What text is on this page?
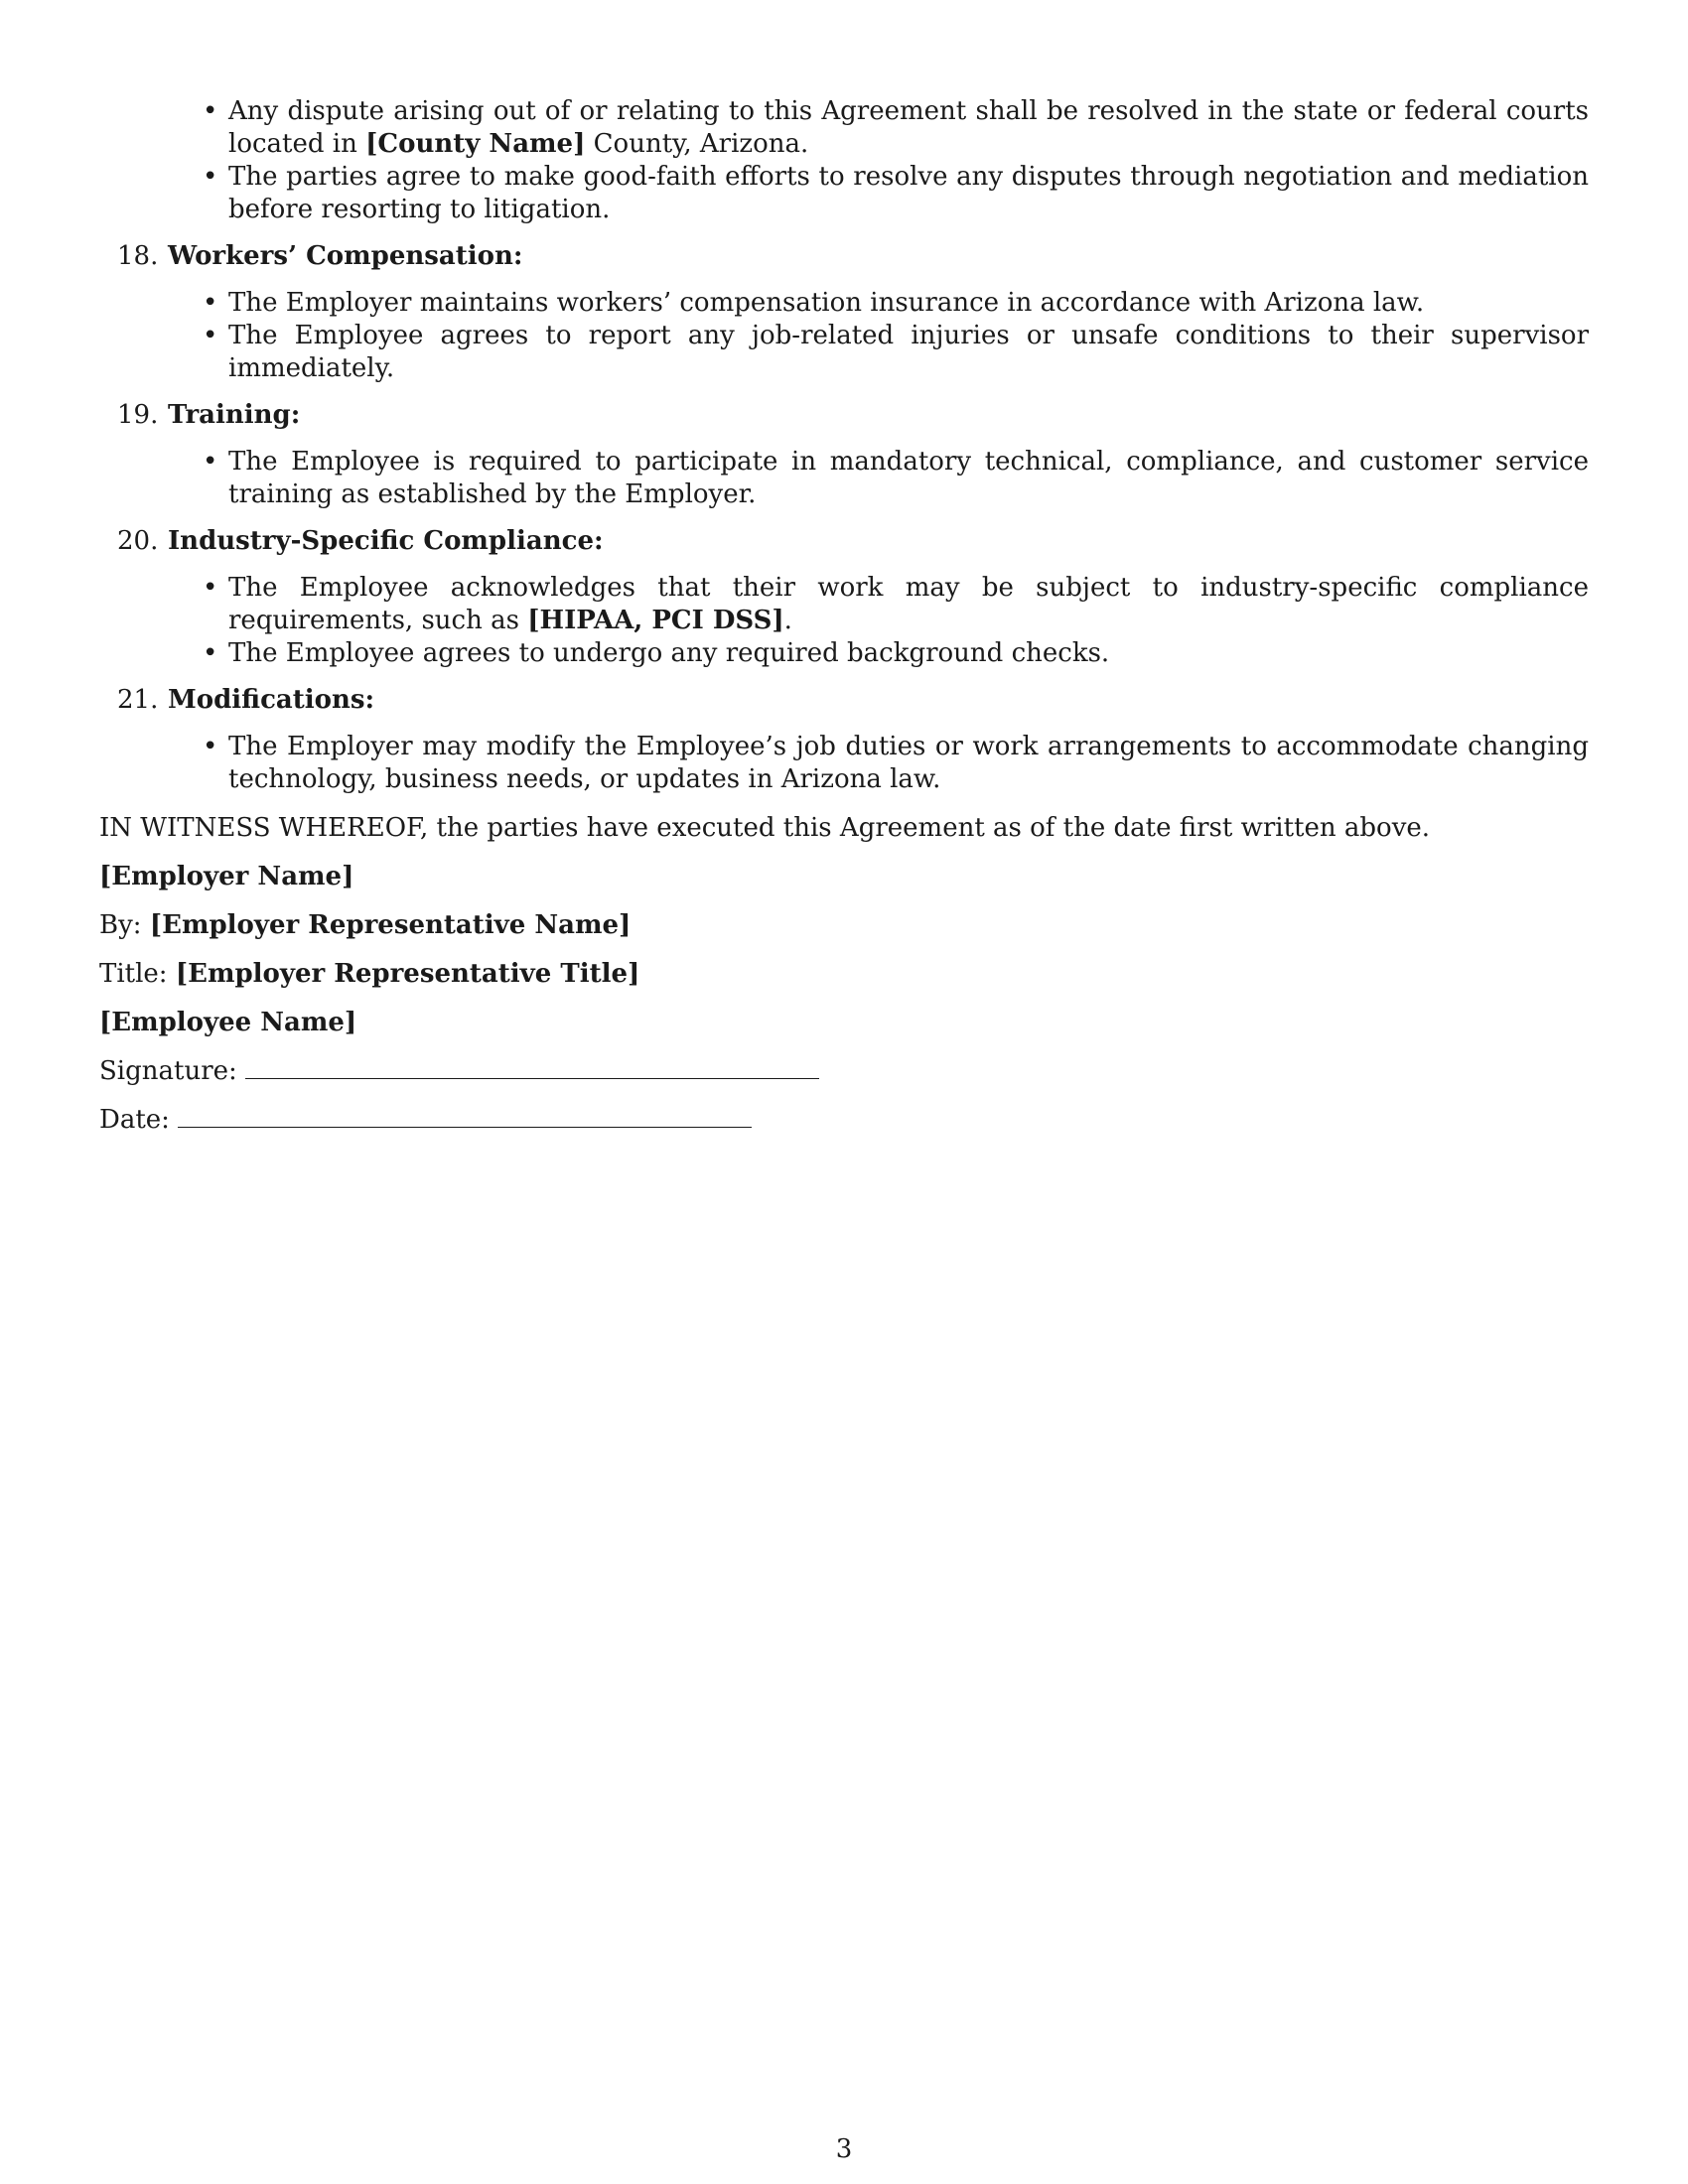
• Any dispute arising out of or relating to this Agreement shall be resolved in the state or federal courts located in [County Name] County, Arizona.
• The parties agree to make good-faith efforts to resolve any disputes through negotiation and mediation before resorting to litigation.
18. Workers’ Compensation:
• The Employer maintains workers’ compensation insurance in accordance with Arizona law.
• The Employee agrees to report any job-related injuries or unsafe conditions to their supervisor immediately.
19. Training:
• The Employee is required to participate in mandatory technical, compliance, and customer service training as established by the Employer.
20. Industry-Specific Compliance:
• The Employee acknowledges that their work may be subject to industry-specific compliance requirements, such as [HIPAA, PCI DSS].
• The Employee agrees to undergo any required background checks.
21. Modifications:
• The Employer may modify the Employee’s job duties or work arrangements to accommodate changing technology, business needs, or updates in Arizona law.

IN WITNESS WHEREOF, the parties have executed this Agreement as of the date first written above.

[Employer Name]

By: [Employer Representative Name]

Title: [Employer Representative Title]

[Employee Name]

Signature:

Date:

3
